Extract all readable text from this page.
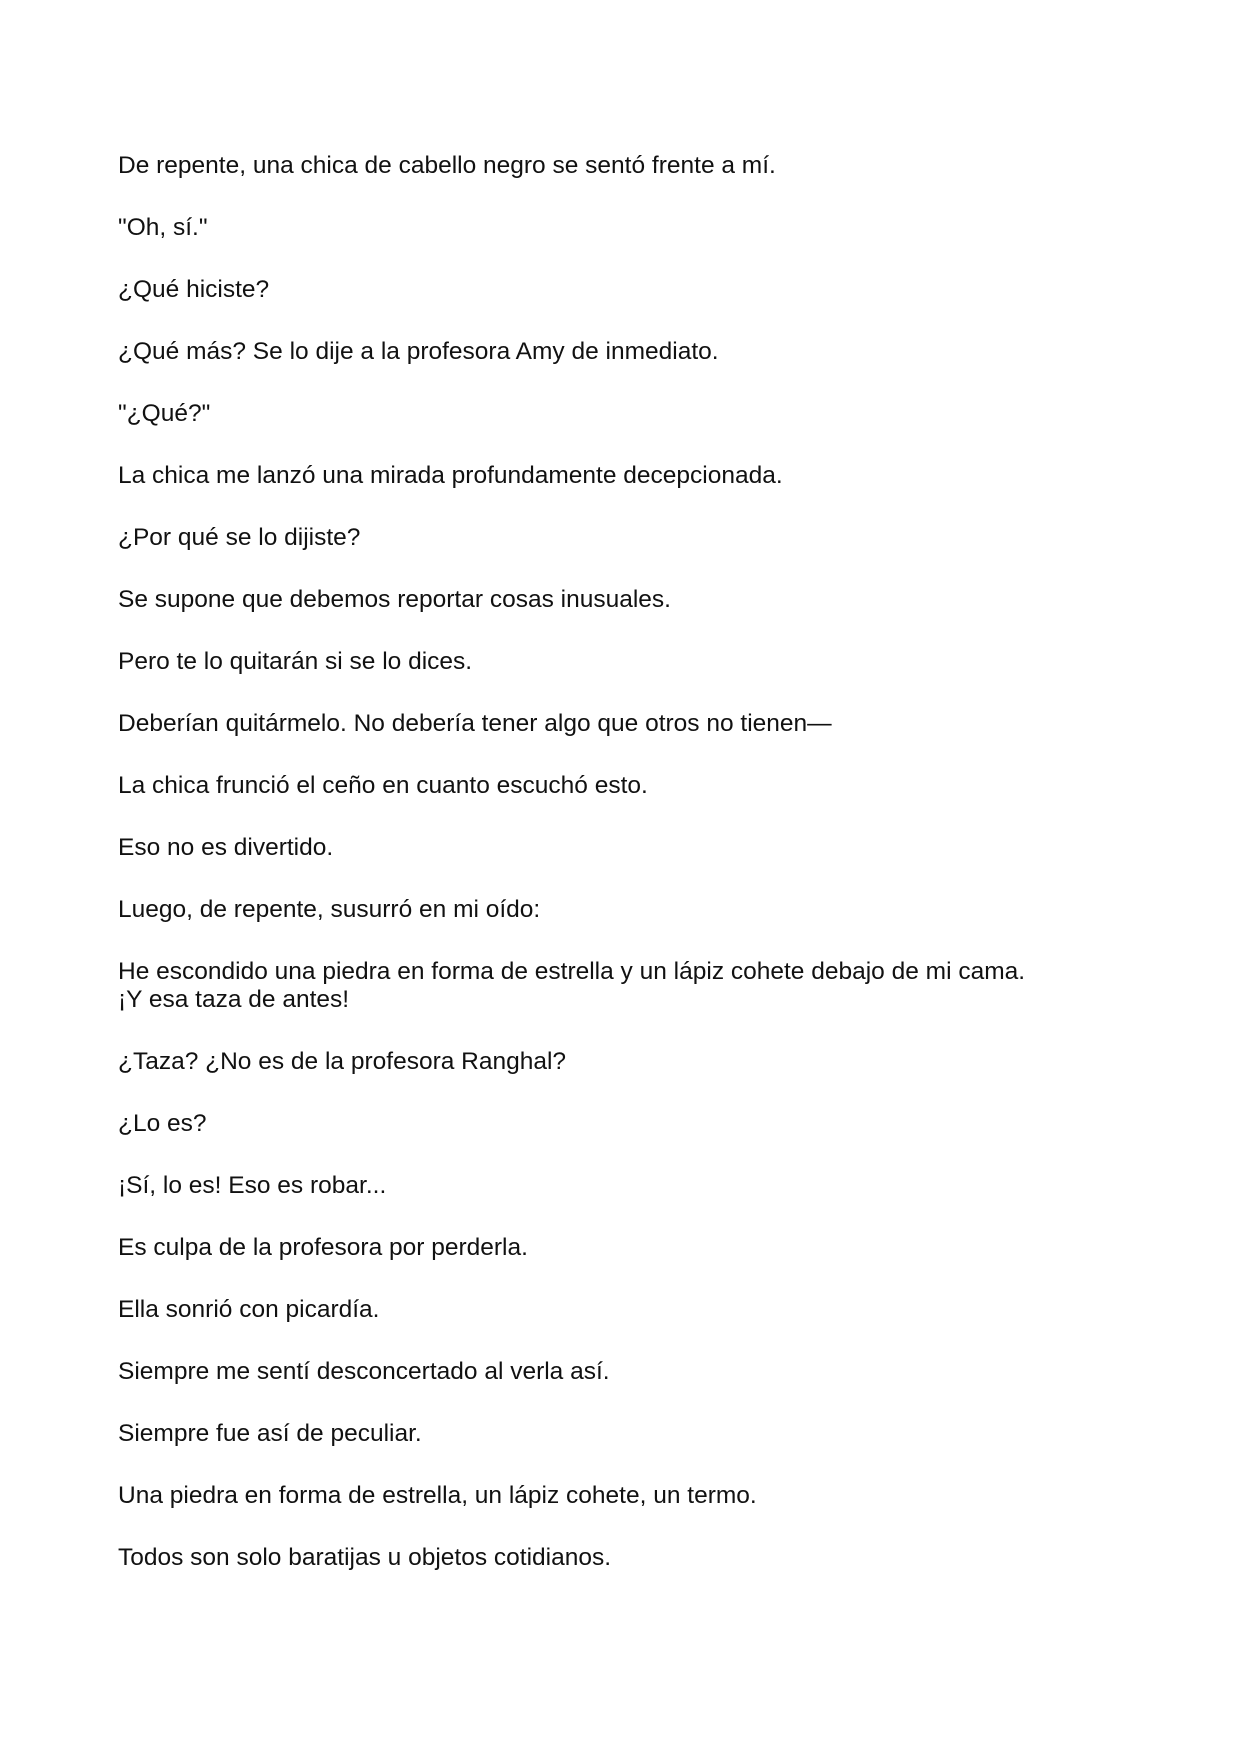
De repente, una chica de cabello negro se sentó frente a mí.

"Oh, sí."

¿Qué hiciste?

¿Qué más? Se lo dije a la profesora Amy de inmediato.

"¿Qué?"

La chica me lanzó una mirada profundamente decepcionada.

¿Por qué se lo dijiste?

Se supone que debemos reportar cosas inusuales.

Pero te lo quitarán si se lo dices.

Deberían quitármelo. No debería tener algo que otros no tienen—

La chica frunció el ceño en cuanto escuchó esto.

Eso no es divertido.

Luego, de repente, susurró en mi oído:

He escondido una piedra en forma de estrella y un lápiz cohete debajo de mi cama.
¡Y esa taza de antes!

¿Taza? ¿No es de la profesora Ranghal?

¿Lo es?

¡Sí, lo es! Eso es robar...

Es culpa de la profesora por perderla.

Ella sonrió con picardía.

Siempre me sentí desconcertado al verla así.

Siempre fue así de peculiar.

Una piedra en forma de estrella, un lápiz cohete, un termo.

Todos son solo baratijas u objetos cotidianos.
